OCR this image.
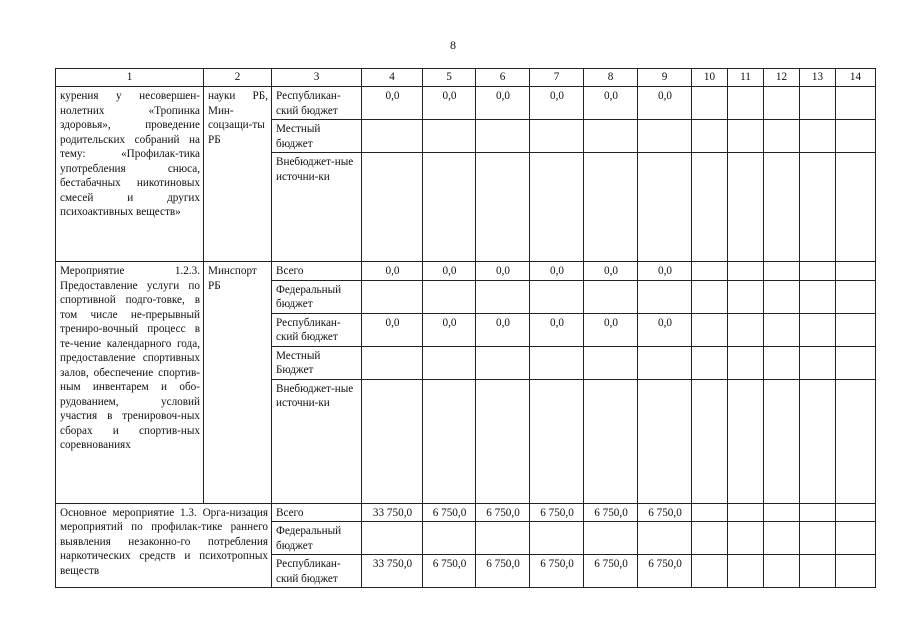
8
1	2	3	4	5	6	7	8	9	10	11	12	13	14
курения у несовершен-нолетних «Тропинка здоровья», проведение родительских собраний на тему: «Профилак-тика употребления снюса, бестабачных никотиновых смесей и других психоактивных веществ»	науки РБ, Мин-соцзащи-ты РБ	Республикан-ский бюджет	0,0	0,0	0,0	0,0	0,0	0,0					
		Местный бюджет											
		Внебюджет-ные источни-ки											
Мероприятие 1.2.3. Предоставление услуги по спортивной подго-товке, в том числе не-прерывный трениро-вочный процесс в те-чение календарного года, предоставление спортивных залов, обеспечение спортив-ным инвентарем и обо-рудованием, условий участия в тренировоч-ных сборах и спортив-ных соревнованиях	Минспорт РБ	Всего	0,0	0,0	0,0	0,0	0,0	0,0					
		Федеральный бюджет											
		Республикан-ский бюджет	0,0	0,0	0,0	0,0	0,0	0,0					
		Местный Бюджет											
		Внебюджет-ные источни-ки											
Основное мероприятие 1.3. Орга-низация мероприятий по профилак-тике раннего выявления незаконно-го потребления наркотических средств и психотропных веществ		Всего	33 750,0	6 750,0	6 750,0	6 750,0	6 750,0	6 750,0					
		Федеральный бюджет											
		Республикан-ский бюджет	33 750,0	6 750,0	6 750,0	6 750,0	6 750,0	6 750,0					
